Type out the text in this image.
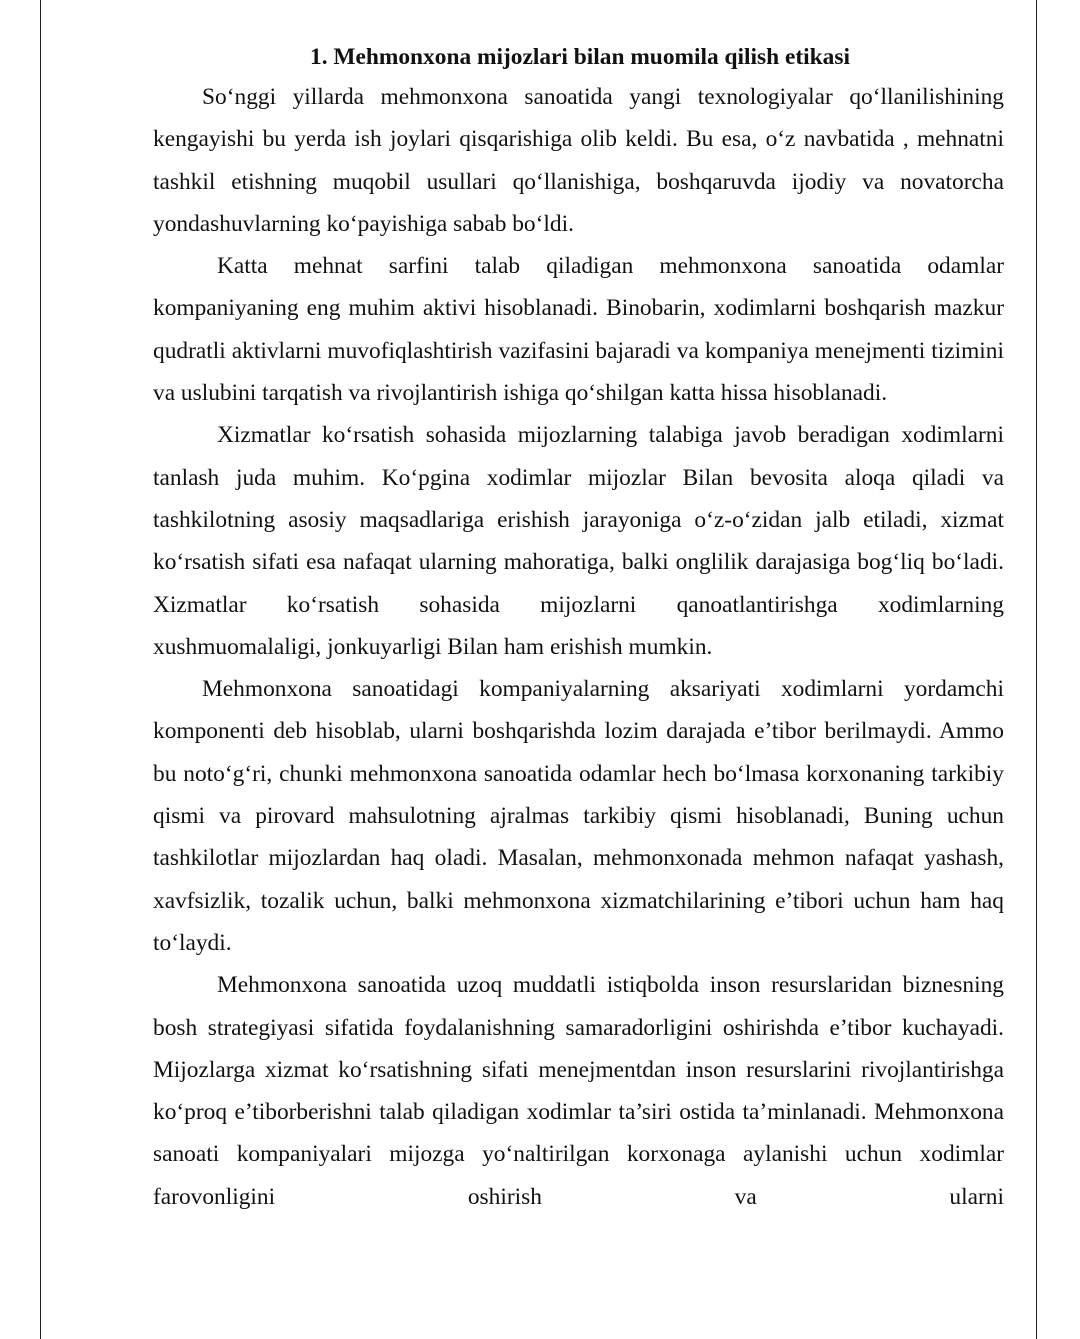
1. Mehmonxona mijozlari bilan muomila qilish etikasi

So‘nggi yillarda mehmonxona sanoatida yangi texnologiyalar qo‘llanilishining kengayishi bu yerda ish joylari qisqarishiga olib keldi. Bu esa, o‘z navbatida , mehnatni tashkil etishning muqobil usullari qo‘llanishiga, boshqaruvda ijodiy va novatorcha yondashuvlarning ko‘payishiga sabab bo‘ldi.

Katta mehnat sarfini talab qiladigan mehmonxona sanoatida odamlar kompaniyaning eng muhim aktivi hisoblanadi. Binobarin, xodimlarni boshqarish mazkur qudratli aktivlarni muvofiqlashtirish vazifasini bajaradi va kompaniya menejmenti tizimini va uslubini tarqatish va rivojlantirish ishiga qo‘shilgan katta hissa hisoblanadi.

Xizmatlar ko‘rsatish sohasida mijozlarning talabiga javob beradigan xodimlarni tanlash juda muhim. Ko‘pgina xodimlar mijozlar Bilan bevosita aloqa qiladi va tashkilotning asosiy maqsadlariga erishish jarayoniga o‘z-o‘zidan jalb etiladi, xizmat ko‘rsatish sifati esa nafaqat ularning mahoratiga, balki onglilik darajasiga bog‘liq bo‘ladi. Xizmatlar ko‘rsatish sohasida mijozlarni qanoatlantirishga xodimlarning xushmuomalaligi, jonkuyarligi Bilan ham erishish mumkin.

Mehmonxona sanoatidagi kompaniyalarning aksariyati xodimlarni yordamchi komponenti deb hisoblab, ularni boshqarishda lozim darajada e’tibor berilmaydi. Ammo bu noto‘g‘ri, chunki mehmonxona sanoatida odamlar hech bo‘lmasa korxonaning tarkibiy qismi va pirovard mahsulotning ajralmas tarkibiy qismi hisoblanadi, Buning uchun tashkilotlar mijozlardan haq oladi. Masalan, mehmonxonada mehmon nafaqat yashash, xavfsizlik, tozalik uchun, balki mehmonxona xizmatchilarining e’tibori uchun ham haq to‘laydi.

Mehmonxona sanoatida uzoq muddatli istiqbolda inson resurslaridan biznesning bosh strategiyasi sifatida foydalanishning samaradorligini oshirishda e’tibor kuchayadi. Mijozlarga xizmat ko‘rsatishning sifati menejmentdan inson resurslarini rivojlantirishga ko‘proq e’tiborberishni talab qiladigan xodimlar ta’siri ostida ta’minlanadi. Mehmonxona sanoati kompaniyalari mijozga yo‘naltirilgan korxonaga aylanishi uchun xodimlar farovonligini oshirish va ularni
